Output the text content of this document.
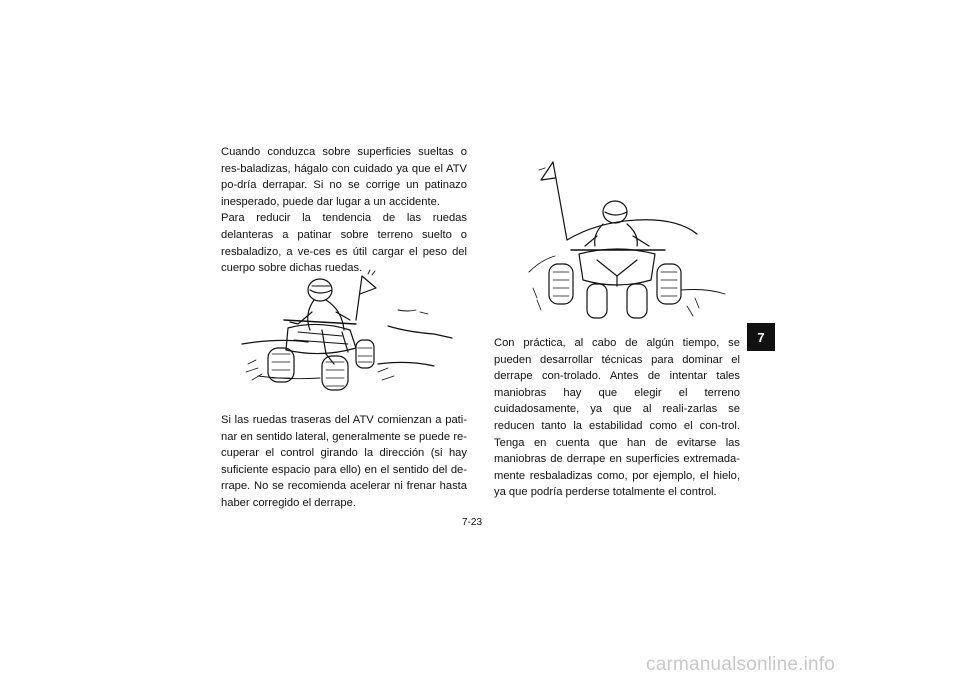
Cuando conduzca sobre superficies sueltas o res-baladizas, hágalo con cuidado ya que el ATV po-dría derrapar. Si no se corrige un patinazo inesperado, puede dar lugar a un accidente.

Para reducir la tendencia de las ruedas delanteras a patinar sobre terreno suelto o resbaladizo, a ve-ces es útil cargar el peso del cuerpo sobre dichas ruedas.

Si las ruedas traseras del ATV comienzan a pati-nar en sentido lateral, generalmente se puede re-cuperar el control girando la dirección (si hay suficiente espacio para ello) en el sentido del de-rrape. No se recomienda acelerar ni frenar hasta haber corregido el derrape.

Con práctica, al cabo de algún tiempo, se pueden desarrollar técnicas para dominar el derrape con-trolado. Antes de intentar tales maniobras hay que elegir el terreno cuidadosamente, ya que al reali-zarlas se reducen tanto la estabilidad como el con-trol. Tenga en cuenta que han de evitarse las maniobras de derrape en superficies extremada-mente resbaladizas como, por ejemplo, el hielo, ya que podría perderse totalmente el control.

7
7-23
carmanualsonline.info
